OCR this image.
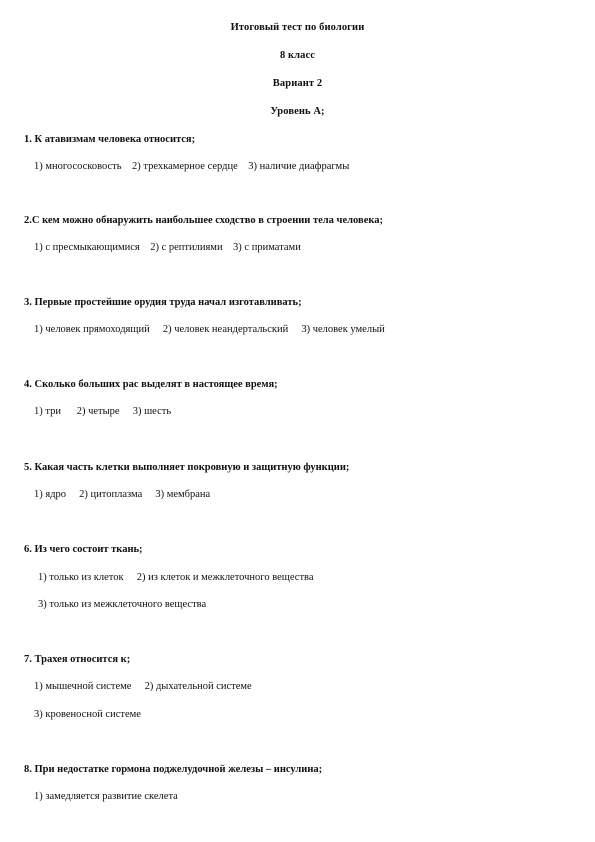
Итоговый тест по биологии
8 класс
Вариант 2
Уровень А;
1. К атавизмам человека относится;
1) многососковость    2) трехкамерное сердце    3) наличие диафрагмы
2.С кем можно обнаружить наибольшее сходство в строении тела человека;
1) с пресмыкающимися    2) с рептилиями    3) с приматами
3. Первые простейшие орудия труда начал изготавливать;
1) человек прямоходящий     2) человек неандертальский     3) человек умелый
4. Сколько больших рас выделят в настоящее время;
1) три      2) четыре     3) шесть
5. Какая часть клетки выполняет покровную и защитную функции;
1) ядро     2) цитоплазма     3) мембрана
6. Из чего состоит ткань;
1) только из клеток     2) из клеток и межклеточного вещества
3) только из межклеточного вещества
7. Трахея относится к;
1) мышечной системе     2) дыхательной системе
3) кровеносной системе
8. При недостатке гормона поджелудочной железы – инсулина;
1) замедляется развитие скелета
